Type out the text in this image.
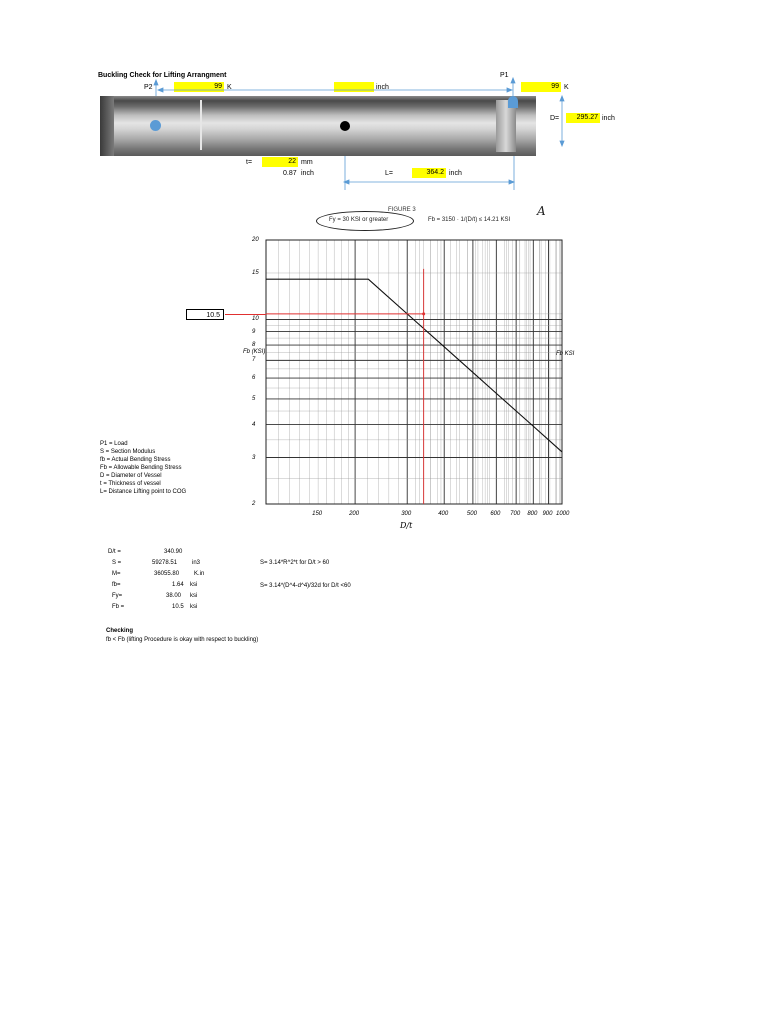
Buckling Check for Lifting Arrangment
P2	99 K	inch
P1
99 K
D=	295.27 inch
t=	22 mm
0.87 inch	L=	364.2 inch
FIGURE 3
Fy = 30 KSI or greater	Fb = 3150 · 1/(D/t) ≤ 14.21 KSI
A
Fb (KSI)	Fb KSI
D/t
20
15
10
9
8
7
6
5
4
3
2
150	200	300	400	500 600 700 800 900 1000
10.5
P1 = Load
S = Section Modulus
fb = Actual Bending Stress
Fb = Allowable Bending Stress
D = Diameter of Vessel
t = Thickness of vessel
L= Distance Lifting point to COG
D/t =	340.90
S =	59278.51 in3
M=	36055.80 K.in
fb=	1.64 ksi
Fy=	38.00 ksi
Fb =	10.5 ksi
S= 3.14*R^2*t for D/t > 60
S= 3.14*(D^4-d^4)/32d for D/t <60
Checking
fb < Fb (lifting Procedure is okay with respect to buckling)
